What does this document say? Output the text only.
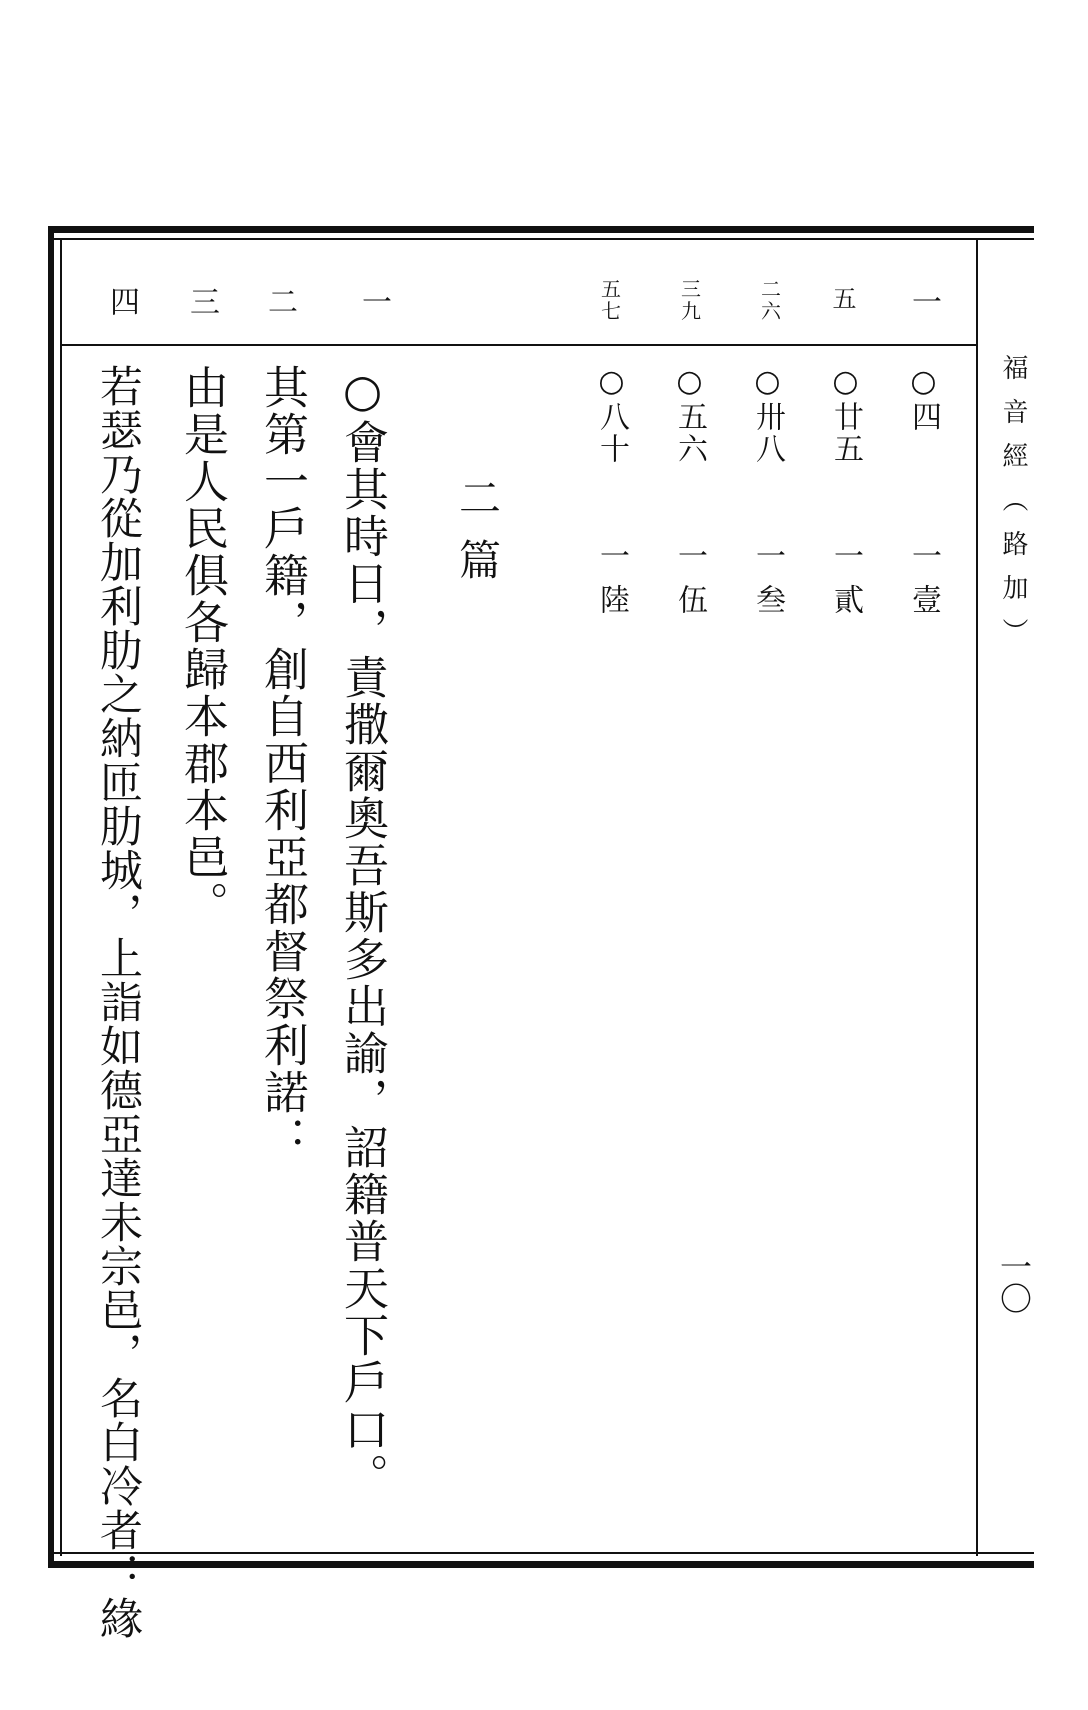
福音經（路加）
一〇
一
二
三
四	一
五
二六
三九
五七
○四
○廿五
○卅八
○五六
○八十
一壹
一貳
一叁
一伍
一陸
二篇
○會其時日，責撒爾奧吾斯多出諭，詔籍普天下戶口。
其第一戶籍，創自西利亞都督祭利諾：
由是人民俱各歸本郡本邑。
若瑟乃從加利肋之納匝肋城，上詣如德亞達未宗邑，名白冷者：緣
